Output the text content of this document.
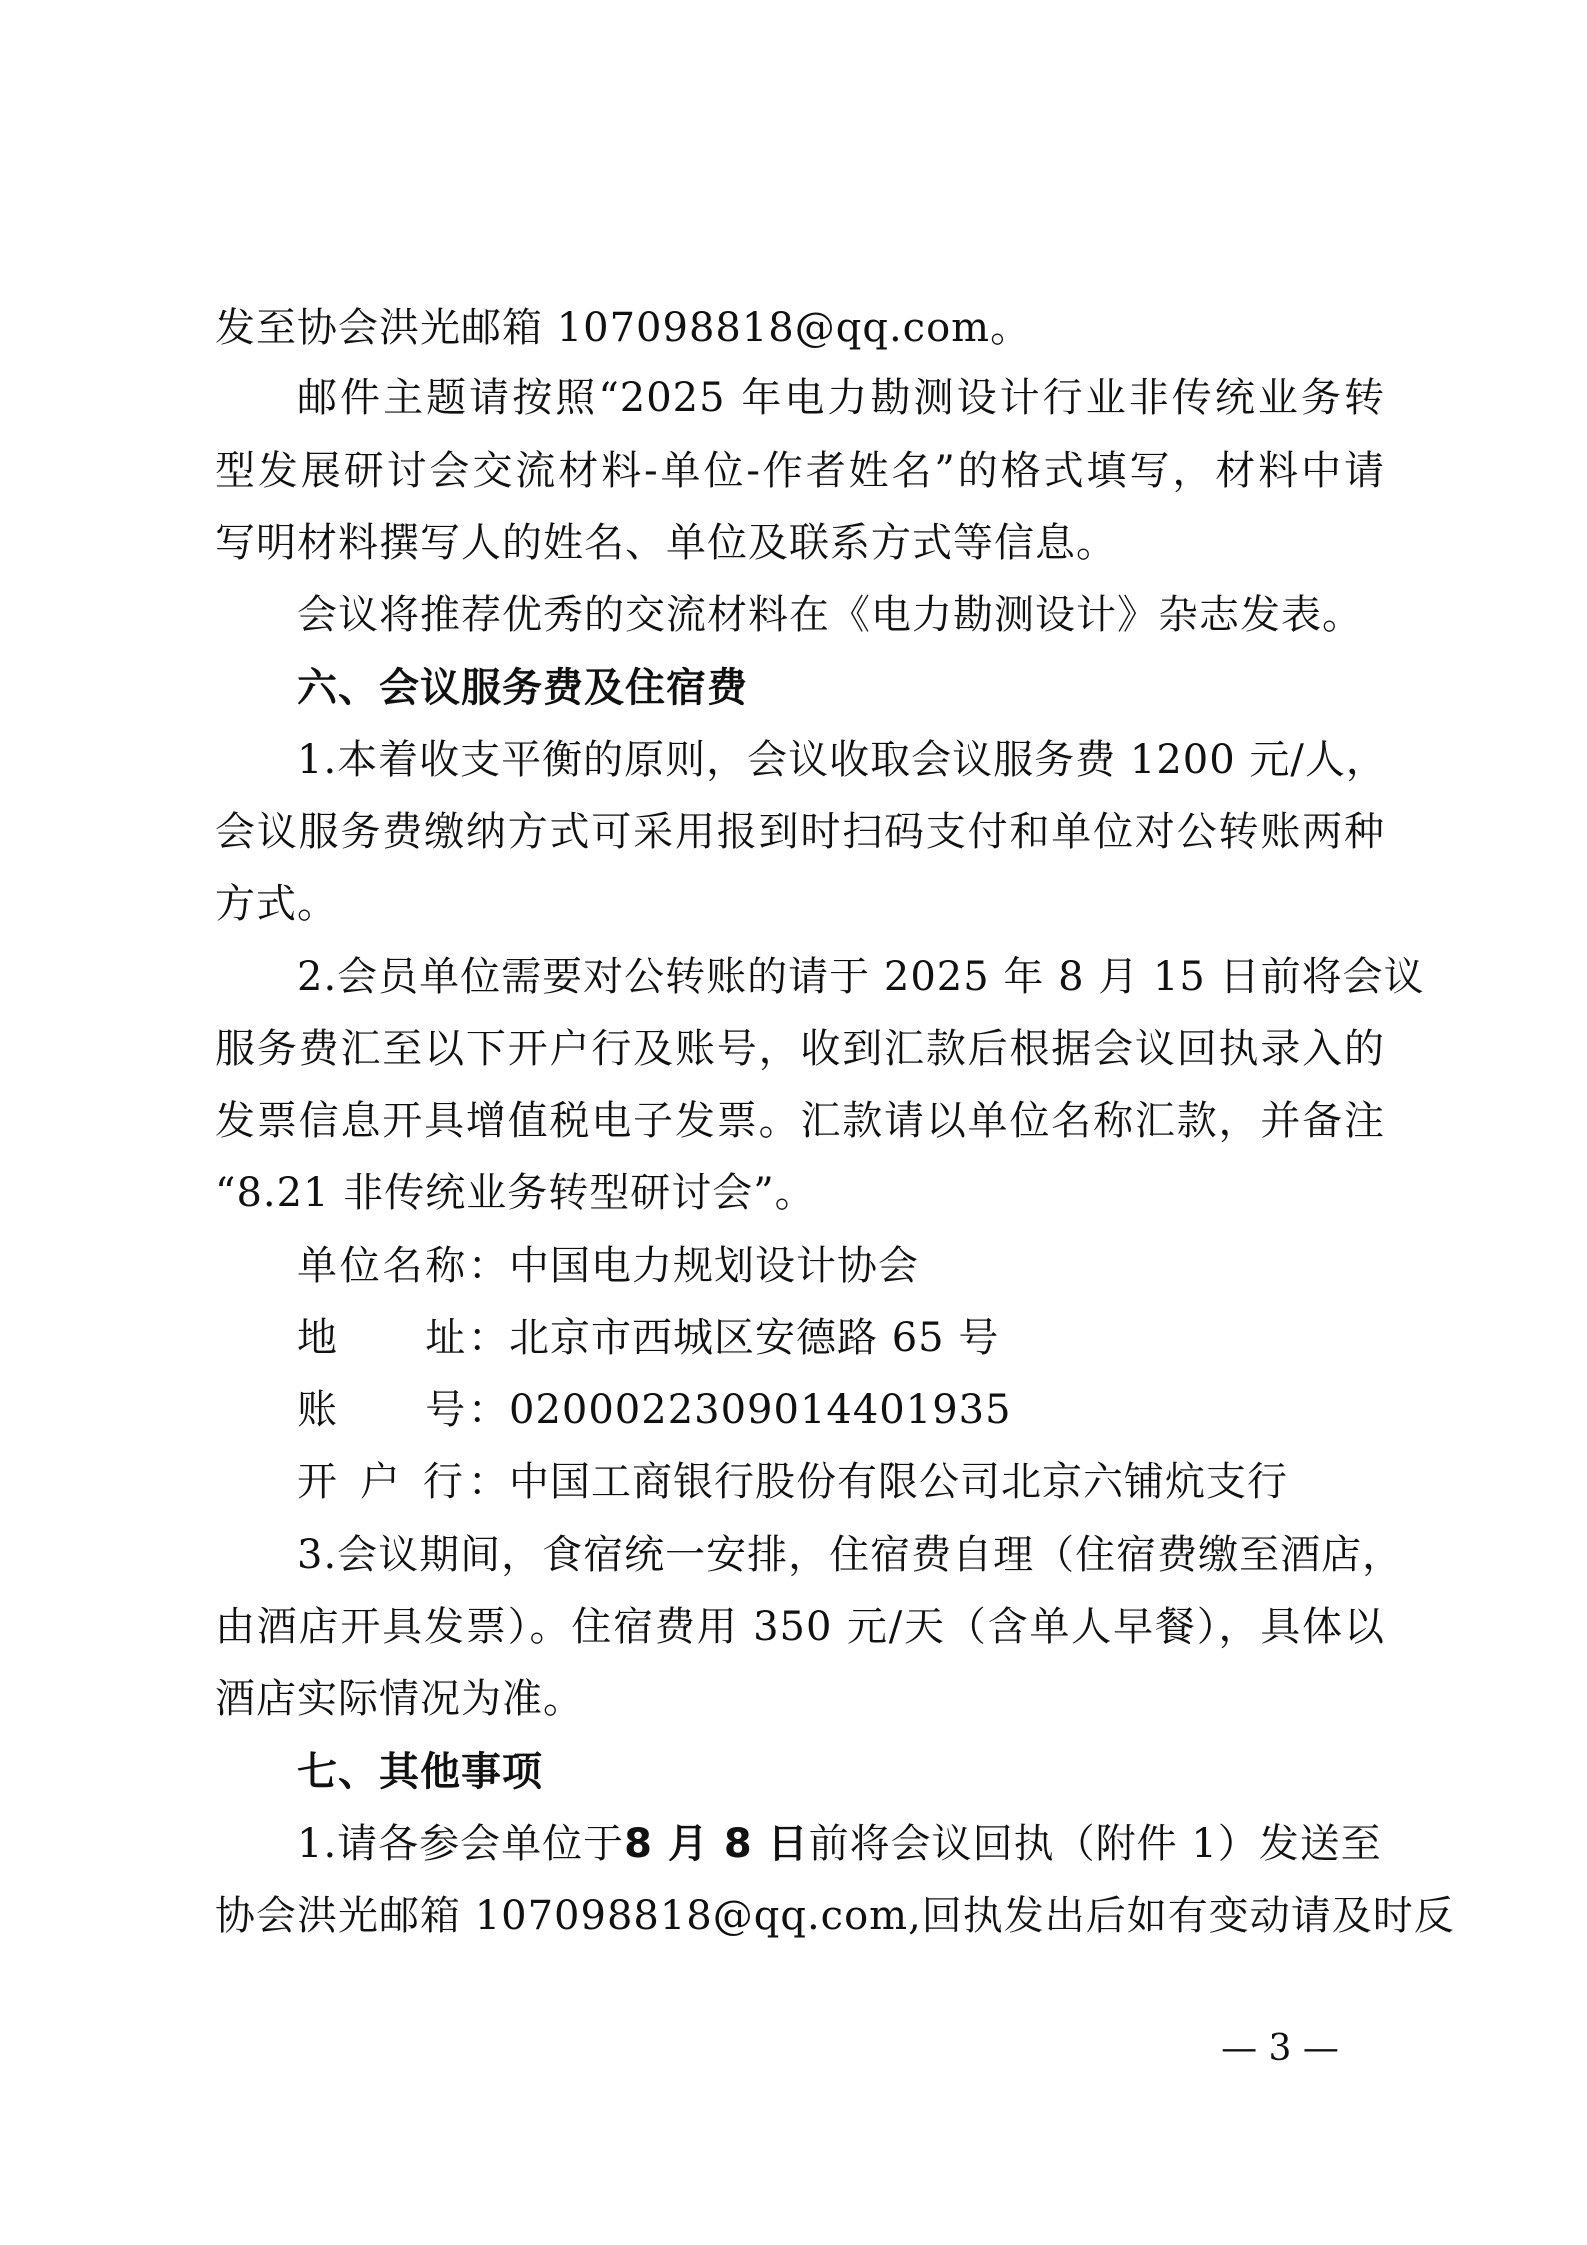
发至协会洪光邮箱 107098818@qq.com。
邮件主题请按照“2025 年电力勘测设计行业非传统业务转
型发展研讨会交流材料-单位-作者姓名”的格式填写，材料中请
写明材料撰写人的姓名、单位及联系方式等信息。
会议将推荐优秀的交流材料在《电力勘测设计》杂志发表。
六、会议服务费及住宿费
1.本着收支平衡的原则，会议收取会议服务费 1200 元/人，
会议服务费缴纳方式可采用报到时扫码支付和单位对公转账两种
方式。
2.会员单位需要对公转账的请于 2025 年 8 月 15 日前将会议
服务费汇至以下开户行及账号，收到汇款后根据会议回执录入的
发票信息开具增值税电子发票。汇款请以单位名称汇款，并备注
“8.21 非传统业务转型研讨会”。
单位名称：中国电力规划设计协会
地　　址：北京市西城区安德路 65 号
账　　号：0200022309014401935
开 户 行：中国工商银行股份有限公司北京六铺炕支行
3.会议期间，食宿统一安排，住宿费自理（住宿费缴至酒店，
由酒店开具发票）。住宿费用 350 元/天（含单人早餐），具体以
酒店实际情况为准。
七、其他事项
1.请各参会单位于8 月 8 日前将会议回执（附件 1）发送至
协会洪光邮箱 107098818@qq.com,回执发出后如有变动请及时反
— 3 —
